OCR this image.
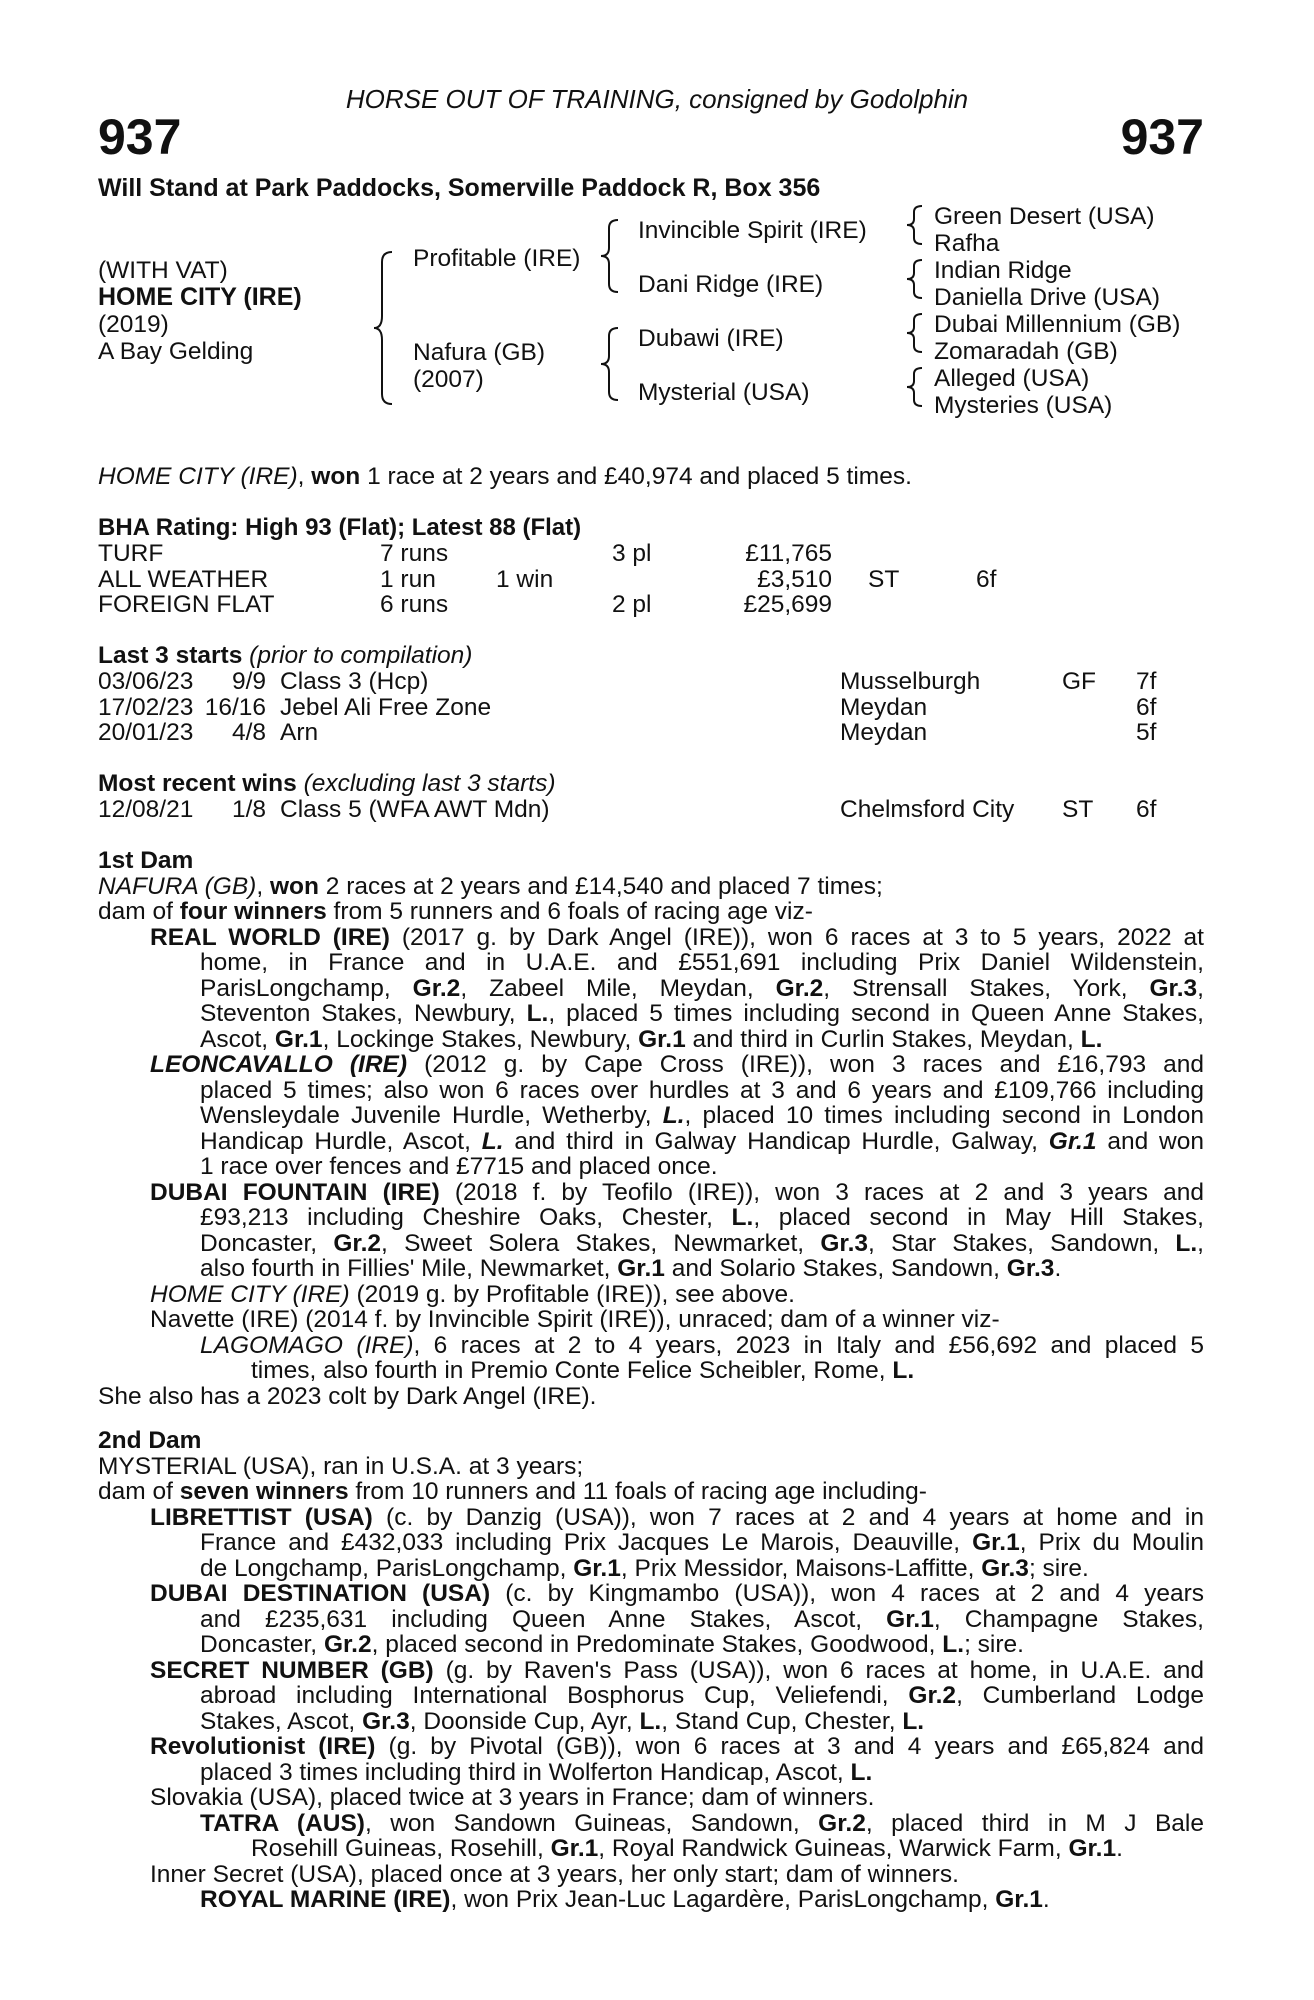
HORSE OUT OF TRAINING, consigned by Godolphin
937	937
Will Stand at Park Paddocks, Somerville Paddock R, Box 356
(WITH VAT)
HOME CITY (IRE)
(2019)
A Bay Gelding
Profitable (IRE)
Nafura (GB)
(2007)
Invincible Spirit (IRE)
Dani Ridge (IRE)
Dubawi (IRE)
Mysterial (USA)
Green Desert (USA)
Rafha
Indian Ridge
Daniella Drive (USA)
Dubai Millennium (GB)
Zomaradah (GB)
Alleged (USA)
Mysteries (USA)
HOME CITY (IRE), won 1 race at 2 years and £40,974 and placed 5 times.
BHA Rating: High 93 (Flat); Latest 88 (Flat)
TURF	7 runs		3 pl	£11,765		
ALL WEATHER	1 run	1 win		£3,510	ST	6f
FOREIGN FLAT	6 runs		2 pl	£25,699		
Last 3 starts (prior to compilation)
03/06/23	9/9	Class 3 (Hcp)	Musselburgh	GF	7f
17/02/23	16/16	Jebel Ali Free Zone	Meydan		6f
20/01/23	4/8	Arn	Meydan		5f
Most recent wins (excluding last 3 starts)
12/08/21	1/8	Class 5 (WFA AWT Mdn)	Chelmsford City	ST	6f
1st Dam
NAFURA (GB), won 2 races at 2 years and £14,540 and placed 7 times;
dam of four winners from 5 runners and 6 foals of racing age viz-
REAL WORLD (IRE) (2017 g. by Dark Angel (IRE)), won 6 races at 3 to 5 years, 2022 at
home, in France and in U.A.E. and £551,691 including Prix Daniel Wildenstein,
ParisLongchamp, Gr.2, Zabeel Mile, Meydan, Gr.2, Strensall Stakes, York, Gr.3,
Steventon Stakes, Newbury, L., placed 5 times including second in Queen Anne Stakes,
Ascot, Gr.1, Lockinge Stakes, Newbury, Gr.1 and third in Curlin Stakes, Meydan, L.
LEONCAVALLO (IRE) (2012 g. by Cape Cross (IRE)), won 3 races and £16,793 and
placed 5 times; also won 6 races over hurdles at 3 and 6 years and £109,766 including
Wensleydale Juvenile Hurdle, Wetherby, L., placed 10 times including second in London
Handicap Hurdle, Ascot, L. and third in Galway Handicap Hurdle, Galway, Gr.1 and won
1 race over fences and £7715 and placed once.
DUBAI FOUNTAIN (IRE) (2018 f. by Teofilo (IRE)), won 3 races at 2 and 3 years and
£93,213 including Cheshire Oaks, Chester, L., placed second in May Hill Stakes,
Doncaster, Gr.2, Sweet Solera Stakes, Newmarket, Gr.3, Star Stakes, Sandown, L.,
also fourth in Fillies' Mile, Newmarket, Gr.1 and Solario Stakes, Sandown, Gr.3.
HOME CITY (IRE) (2019 g. by Profitable (IRE)), see above.
Navette (IRE) (2014 f. by Invincible Spirit (IRE)), unraced; dam of a winner viz-
LAGOMAGO (IRE), 6 races at 2 to 4 years, 2023 in Italy and £56,692 and placed 5
times, also fourth in Premio Conte Felice Scheibler, Rome, L.
She also has a 2023 colt by Dark Angel (IRE).
2nd Dam
MYSTERIAL (USA), ran in U.S.A. at 3 years;
dam of seven winners from 10 runners and 11 foals of racing age including-
LIBRETTIST (USA) (c. by Danzig (USA)), won 7 races at 2 and 4 years at home and in
France and £432,033 including Prix Jacques Le Marois, Deauville, Gr.1, Prix du Moulin
de Longchamp, ParisLongchamp, Gr.1, Prix Messidor, Maisons-Laffitte, Gr.3; sire.
DUBAI DESTINATION (USA) (c. by Kingmambo (USA)), won 4 races at 2 and 4 years
and £235,631 including Queen Anne Stakes, Ascot, Gr.1, Champagne Stakes,
Doncaster, Gr.2, placed second in Predominate Stakes, Goodwood, L.; sire.
SECRET NUMBER (GB) (g. by Raven's Pass (USA)), won 6 races at home, in U.A.E. and
abroad including International Bosphorus Cup, Veliefendi, Gr.2, Cumberland Lodge
Stakes, Ascot, Gr.3, Doonside Cup, Ayr, L., Stand Cup, Chester, L.
Revolutionist (IRE) (g. by Pivotal (GB)), won 6 races at 3 and 4 years and £65,824 and
placed 3 times including third in Wolferton Handicap, Ascot, L.
Slovakia (USA), placed twice at 3 years in France; dam of winners.
TATRA (AUS), won Sandown Guineas, Sandown, Gr.2, placed third in M J Bale
Rosehill Guineas, Rosehill, Gr.1, Royal Randwick Guineas, Warwick Farm, Gr.1.
Inner Secret (USA), placed once at 3 years, her only start; dam of winners.
ROYAL MARINE (IRE), won Prix Jean-Luc Lagardère, ParisLongchamp, Gr.1.
